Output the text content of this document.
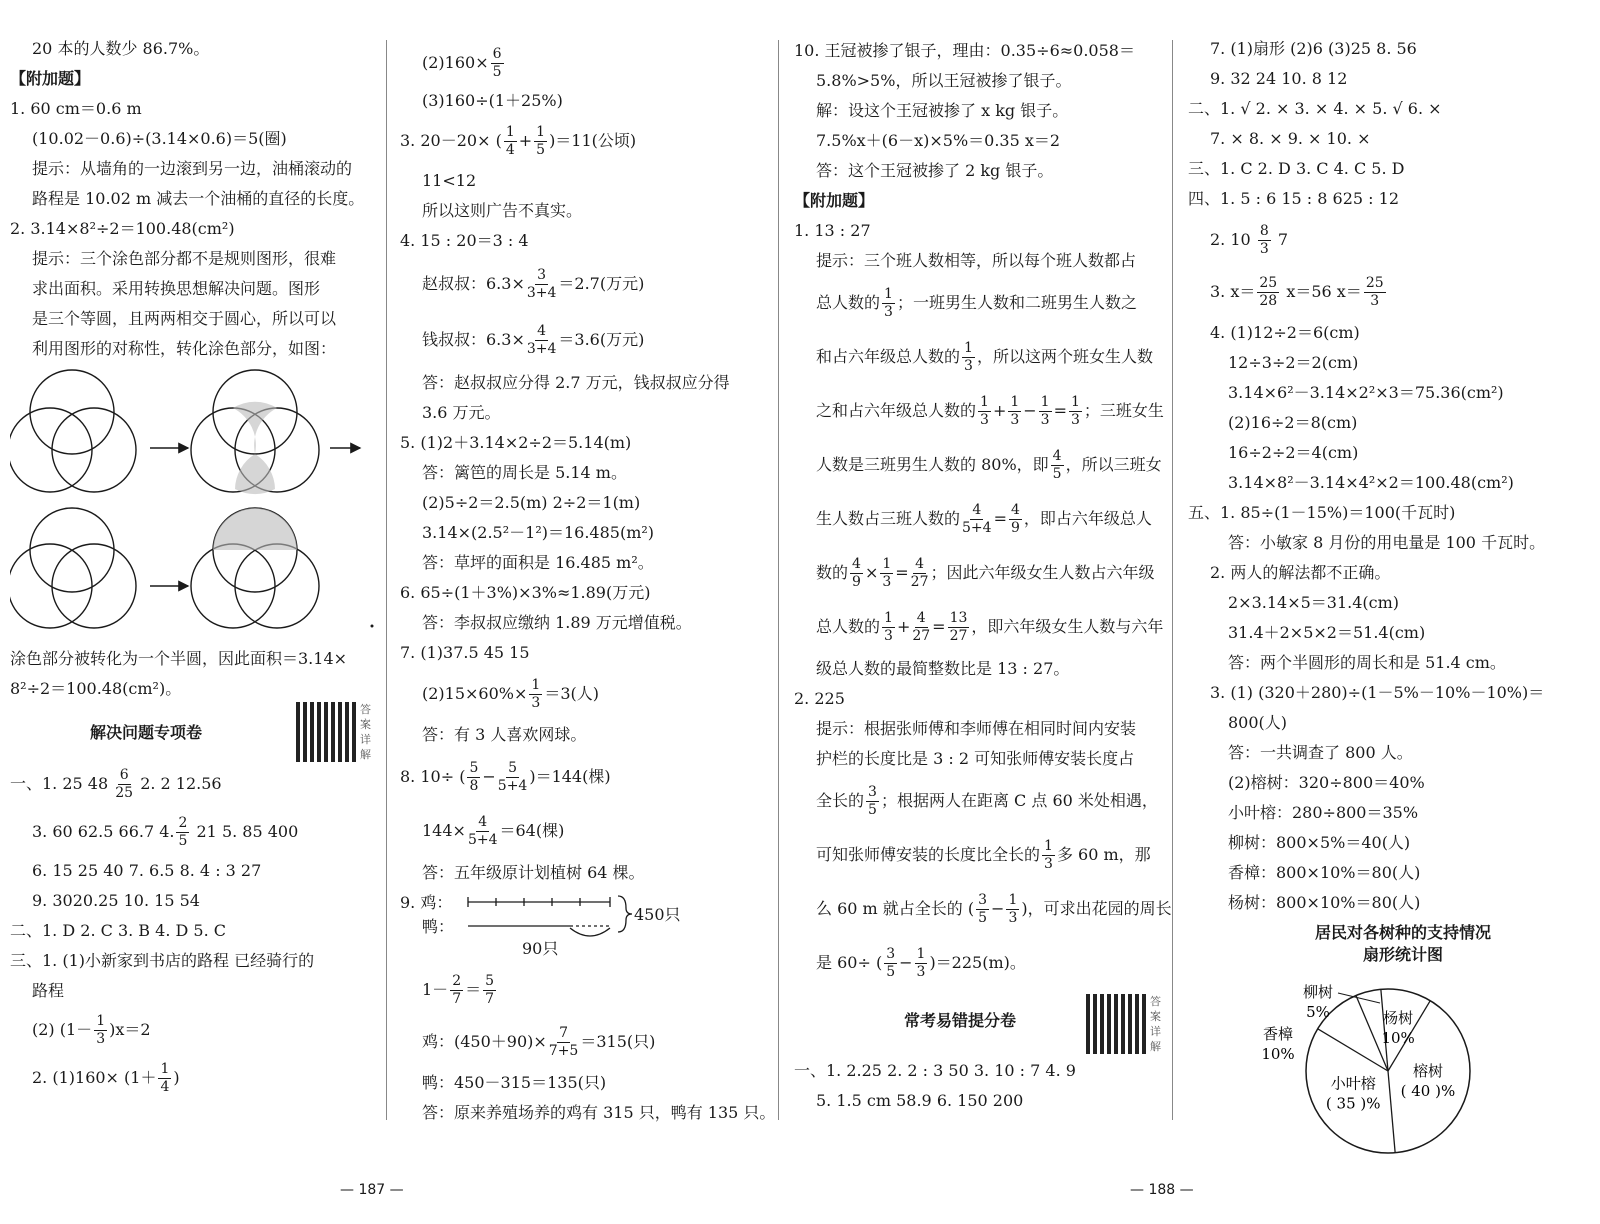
20 本的人数少 86.7%。
【附加题】
1. 60 cm＝0.6 m
(10.02－0.6)÷(3.14×0.6)＝5(圈)
提示：从墙角的一边滚到另一边，油桶滚动的
路程是 10.02 m 减去一个油桶的直径的长度。
2. 3.14×8²÷2＝100.48(cm²)
提示：三个涂色部分都不是规则图形，很难
求出面积。采用转换思想解决问题。图形
是三个等圆，且两两相交于圆心，所以可以
利用图形的对称性，转化涂色部分，如图：
涂色部分被转化为一个半圆，因此面积＝3.14×
8²÷2＝100.48(cm²)。
解决问题专项卷
答案详解
一、1. 25 $48 \frac{6}{25} 2$. 2 12.56
3. 60 62.5 66.7 4. $\frac{2}{5} 21$ 5. 85 400
6. 15 25 40 7. 6.5 8. 4 : 3 27
9. 3020.25 10. 15 54
二、1. D 2. C 3. B 4. D 5. C
三、1. (1)小新家到书店的路程 已经骑行的
路程
(2) $(1- \frac{1}{3} )x=2$
2. $(1)160\times (1+ \frac{1}{4}$ )
$(2)160\times \frac{6}{5}$
(3)160÷(1＋25%)
3. 20－20× ( $\frac{1}{4} + \frac{1}{5} )=11$(公顷)
11<12
所以这则广告不真实。
4. 15 : 20＝3 : 4
赵叔叔：$6.3\times \frac{3}{3+4} =2.7$(万元)
钱叔叔：$6.3\times \frac{4}{3+4} =3.6$(万元)
答：赵叔叔应分得 2.7 万元，钱叔叔应分得
3.6 万元。
5. (1)2＋3.14×2÷2＝5.14(m)
答：篱笆的周长是 5.14 m。
(2)5÷2＝2.5(m) 2÷2＝1(m)
3.14×(2.5²－1²)＝16.485(m²)
答：草坪的面积是 16.485 m²。
6. 65÷(1＋3%)×3%≈1.89(万元)
答：李叔叔应缴纳 1.89 万元增值税。
7. (1)37.5 45 15
$(2)15\times 60\%\times \frac{1}{3} =3$(人)
答：有 3 人喜欢网球。
8. 10÷ ( $\frac{5}{8} - \frac{5}{5+4} )=144$(棵)
$144\times \frac{4}{5+4} =64$(棵)
答：五年级原计划植树 64 棵。
9. 鸡：
鸭：
450只
90只
$1- \frac{2}{7} = \frac{5}{7}$
鸡：$(450+90)\times \frac{7}{7+5} =315$(只)
鸭：450－315＝135(只)
答：原来养殖场养的鸡有 315 只，鸭有 135 只。
10. 王冠被掺了银子，理由：0.35÷6≈0.058＝
5.8%>5%，所以王冠被掺了银子。
解：设这个王冠被掺了 x kg 银子。
7.5%x＋(6－x)×5%＝0.35 x＝2
答：这个王冠被掺了 2 kg 银子。
【附加题】
1. 13 : 27
提示：三个班人数相等，所以每个班人数都占
总人数的 $\frac{1}{3}$ ；一班男生人数和二班男生人数之
和占六年级总人数的 $\frac{1}{3}$ ，所以这两个班女生人数
之和占六年级总人数的 $\frac{1}{3} + \frac{1}{3} - \frac{1}{3} = \frac{1}{3}$ ；三班女生
人数是三班男生人数的 80%，即 $\frac{4}{5}$ ，所以三班女
生人数占三班人数的 $\frac{4}{5+4} = \frac{4}{9}$ ，即占六年级总人
数的 $\frac{4}{9} \times \frac{1}{3} = \frac{4}{27}$ ；因此六年级女生人数占六年级
总人数的 $\frac{1}{3} + \frac{4}{27} = \frac{13}{27}$ ，即六年级女生人数与六年
级总人数的最简整数比是 13 : 27。
2. 225
提示：根据张师傅和李师傅在相同时间内安装
护栏的长度比是 3 : 2 可知张师傅安装长度占
全长的 $\frac{3}{5}$ ；根据两人在距离 C 点 60 米处相遇，
可知张师傅安装的长度比全长的 $\frac{1}{3}$ 多 60 m，那
么 60 m 就占全长的 ( $\frac{3}{5} - \frac{1}{3}$ )，可求出花园的周长
是 60÷ ( $\frac{3}{5} - \frac{1}{3} )=225(m)$。
常考易错提分卷
答案详解
一、1. 2.25 2. 2 : 3 50 3. 10 : 7 4. 9
5. 1.5 cm 58.9 6. 150 200
7. (1)扇形 (2)6 (3)25 8. 56
9. 32 24 10. 8 12
二、1. √ 2. × 3. × 4. × 5. √ 6. ×
7. × 8. × 9. × 10. ×
三、1. C 2. D 3. C 4. C 5. D
四、1. 5 : 6 15 : 8 625 : 12
2. $10 \frac{8}{3} 7$
3. $x= \frac{25}{28} x=56$ $x= \frac{25}{3}$
4. (1)12÷2＝6(cm)
12÷3÷2＝2(cm)
3.14×6²－3.14×2²×3＝75.36(cm²)
(2)16÷2＝8(cm)
16÷2÷2＝4(cm)
3.14×8²－3.14×4²×2＝100.48(cm²)
五、1. 85÷(1－15%)＝100(千瓦时)
答：小敏家 8 月份的用电量是 100 千瓦时。
2. 两人的解法都不正确。
2×3.14×5＝31.4(cm)
31.4＋2×5×2＝51.4(cm)
答：两个半圆形的周长和是 51.4 cm。
3. (1) (320＋280)÷(1－5%－10%－10%)＝
800(人)
答：一共调查了 800 人。
(2)榕树：320÷800＝40%
小叶榕：280÷800＝35%
柳树：800×5%＝40(人)
香樟：800×10%＝80(人)
杨树：800×10%＝80(人)
居民对各树种的支持情况
扇形统计图
榕树
( 40 )%
小叶榕
( 35 )%
杨树
10%
柳树
5%
香樟
10%
— 187 —	— 188 —
